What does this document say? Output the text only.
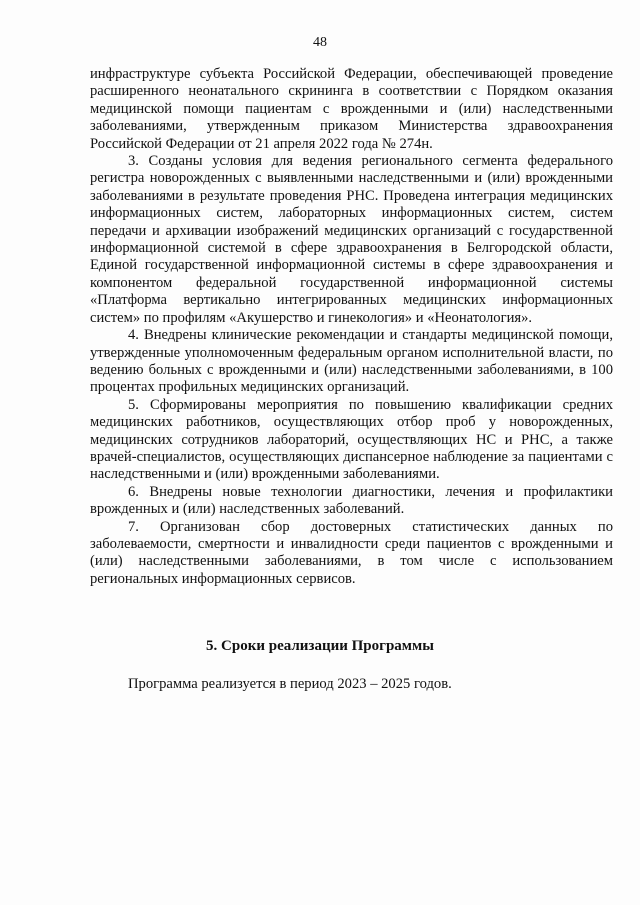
48

инфраструктуре субъекта Российской Федерации, обеспечивающей проведение расширенного неонатального скрининга в соответствии с Порядком оказания медицинской помощи пациентам с врожденными и (или) наследственными заболеваниями, утвержденным приказом Министерства здравоохранения Российской Федерации от 21 апреля 2022 года № 274н.

3. Созданы условия для ведения регионального сегмента федерального регистра новорожденных с выявленными наследственными и (или) врожденными заболеваниями в результате проведения РНС. Проведена интеграция медицинских информационных систем, лабораторных информационных систем, систем передачи и архивации изображений медицинских организаций с государственной информационной системой в сфере здравоохранения в Белгородской области, Единой государственной информационной системы в сфере здравоохранения и компонентом федеральной государственной информационной системы «Платформа вертикально интегрированных медицинских информационных систем» по профилям «Акушерство и гинекология» и «Неонатология».

4. Внедрены клинические рекомендации и стандарты медицинской помощи, утвержденные уполномоченным федеральным органом исполнительной власти, по ведению больных с врожденными и (или) наследственными заболеваниями, в 100 процентах профильных медицинских организаций.

5. Сформированы мероприятия по повышению квалификации средних медицинских работников, осуществляющих отбор проб у новорожденных, медицинских сотрудников лабораторий, осуществляющих НС и РНС, а также врачей-специалистов, осуществляющих диспансерное наблюдение за пациентами с наследственными и (или) врожденными заболеваниями.

6. Внедрены новые технологии диагностики, лечения и профилактики врожденных и (или) наследственных заболеваний.

7. Организован сбор достоверных статистических данных по заболеваемости, смертности и инвалидности среди пациентов с врожденными и (или) наследственными заболеваниями, в том числе с использованием региональных информационных сервисов.

5. Сроки реализации Программы

Программа реализуется в период 2023 – 2025 годов.
